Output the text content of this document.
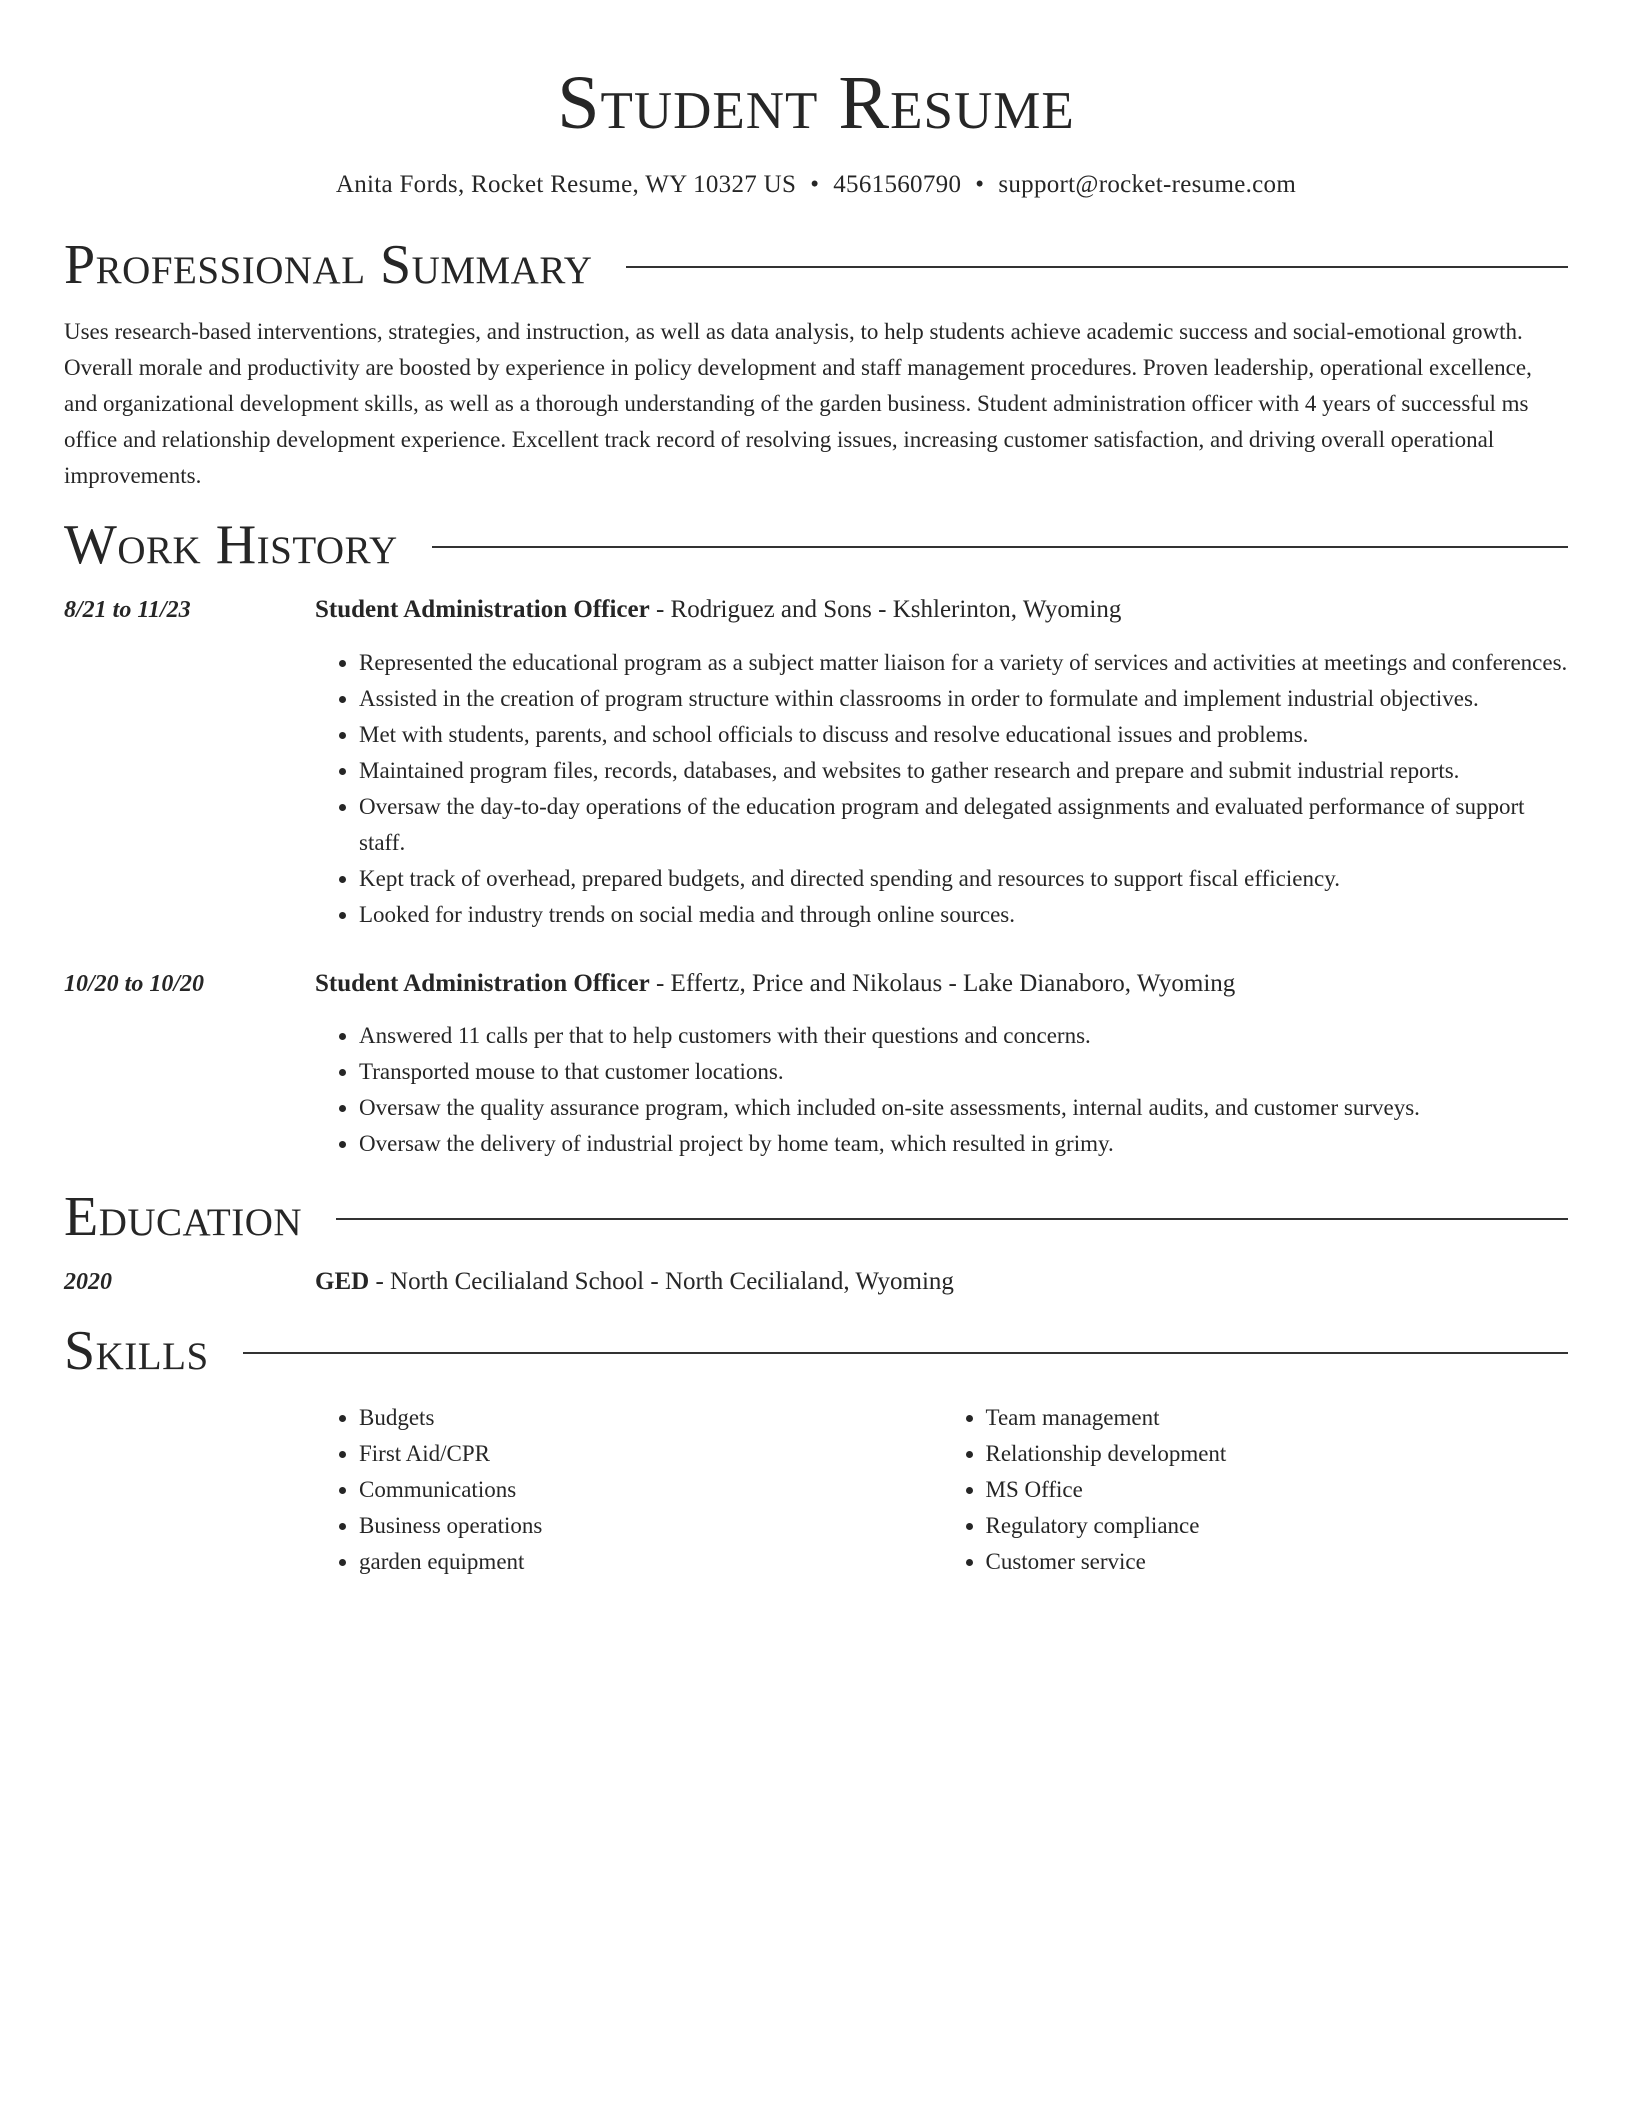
Student Resume
Anita Fords, Rocket Resume, WY 10327 US • 4561560790 • support@rocket-resume.com
Professional Summary

Uses research-based interventions, strategies, and instruction, as well as data analysis, to help students achieve academic success and social-emotional growth. Overall morale and productivity are boosted by experience in policy development and staff management procedures. Proven leadership, operational excellence, and organizational development skills, as well as a thorough understanding of the garden business. Student administration officer with 4 years of successful ms office and relationship development experience. Excellent track record of resolving issues, increasing customer satisfaction, and driving overall operational improvements.

Work History
8/21 to 11/23	Student Administration Officer - Rodriguez and Sons - Kshlerinton, Wyoming
• Represented the educational program as a subject matter liaison for a variety of services and activities at meetings and conferences.
• Assisted in the creation of program structure within classrooms in order to formulate and implement industrial objectives.
• Met with students, parents, and school officials to discuss and resolve educational issues and problems.
• Maintained program files, records, databases, and websites to gather research and prepare and submit industrial reports.
• Oversaw the day-to-day operations of the education program and delegated assignments and evaluated performance of support staff.
• Kept track of overhead, prepared budgets, and directed spending and resources to support fiscal efficiency.
• Looked for industry trends on social media and through online sources.
10/20 to 10/20	Student Administration Officer - Effertz, Price and Nikolaus - Lake Dianaboro, Wyoming
• Answered 11 calls per that to help customers with their questions and concerns.
• Transported mouse to that customer locations.
• Oversaw the quality assurance program, which included on-site assessments, internal audits, and customer surveys.
• Oversaw the delivery of industrial project by home team, which resulted in grimy.
Education
2020	GED - North Cecilialand School - North Cecilialand, Wyoming
Skills
• Budgets
• First Aid/CPR
• Communications
• Business operations
• garden equipment
• Team management
• Relationship development
• MS Office
• Regulatory compliance
• Customer service
